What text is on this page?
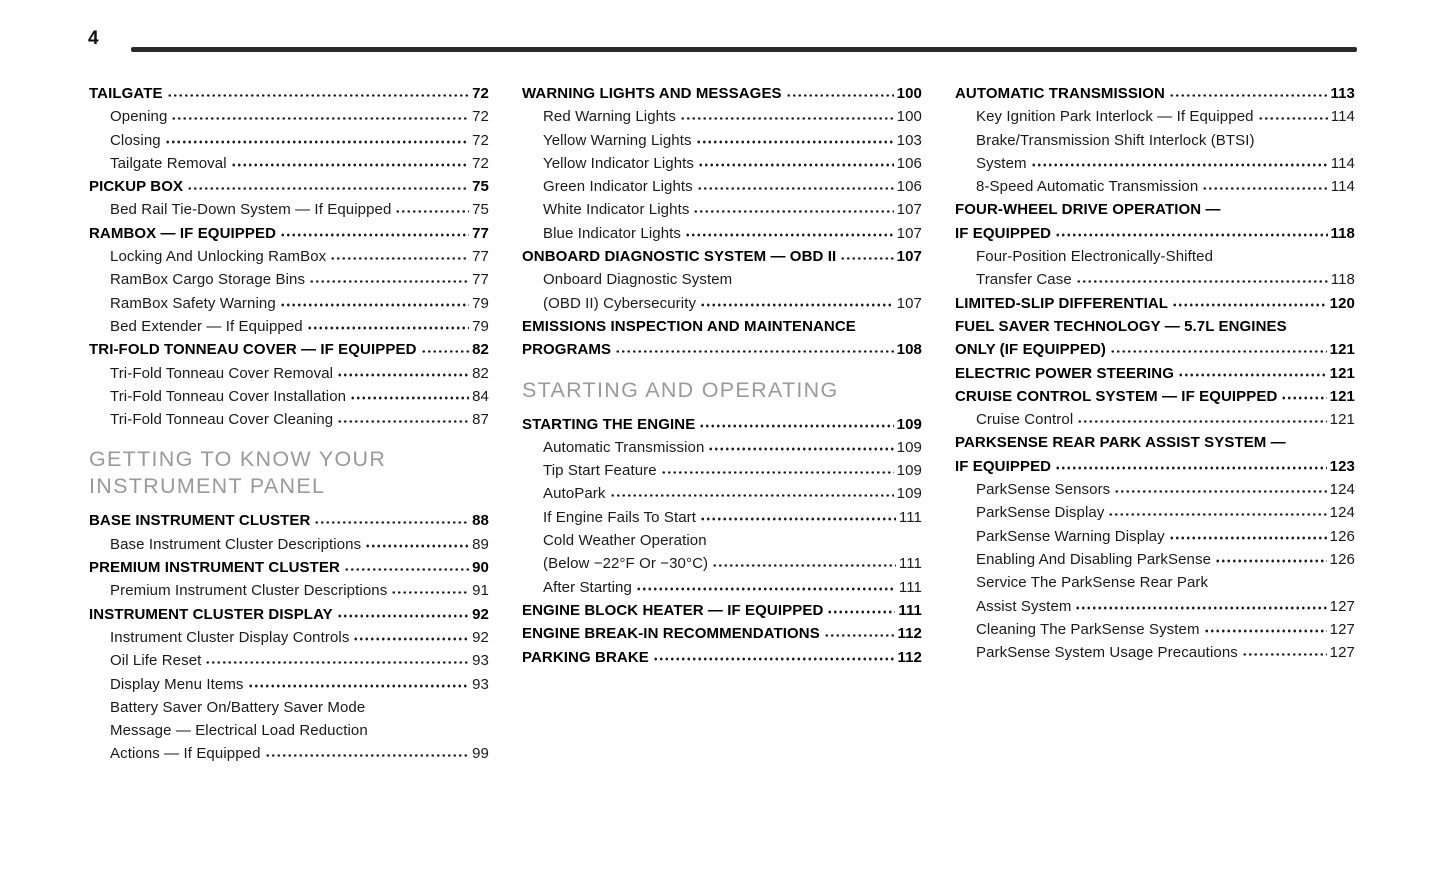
4
TAILGATE	72
Opening	72
Closing	72
Tailgate Removal	72
PICKUP BOX	75
Bed Rail Tie-Down System — If Equipped	75
RAMBOX — IF EQUIPPED	77
Locking And Unlocking RamBox	77
RamBox Cargo Storage Bins	77
RamBox Safety Warning	79
Bed Extender — If Equipped	79
TRI-FOLD TONNEAU COVER — IF EQUIPPED	82
Tri-Fold Tonneau Cover Removal	82
Tri-Fold Tonneau Cover Installation	84
Tri-Fold Tonneau Cover Cleaning	87
GETTING TO KNOW YOUR
INSTRUMENT PANEL
BASE INSTRUMENT CLUSTER	88
Base Instrument Cluster Descriptions	89
PREMIUM INSTRUMENT CLUSTER	90
Premium Instrument Cluster Descriptions	91
INSTRUMENT CLUSTER DISPLAY	92
Instrument Cluster Display Controls	92
Oil Life Reset	93
Display Menu Items	93
Battery Saver On/Battery Saver Mode
Message — Electrical Load Reduction
Actions — If Equipped	99
WARNING LIGHTS AND MESSAGES	100
Red Warning Lights	100
Yellow Warning Lights	103
Yellow Indicator Lights	106
Green Indicator Lights	106
White Indicator Lights	107
Blue Indicator Lights	107
ONBOARD DIAGNOSTIC SYSTEM — OBD II	107
Onboard Diagnostic System
(OBD II) Cybersecurity	107
EMISSIONS INSPECTION AND MAINTENANCE
PROGRAMS	108
STARTING AND OPERATING
STARTING THE ENGINE	109
Automatic Transmission	109
Tip Start Feature	109
AutoPark	109
If Engine Fails To Start	111
Cold Weather Operation
(Below −22°F Or −30°C)	111
After Starting	111
ENGINE BLOCK HEATER — IF EQUIPPED	111
ENGINE BREAK-IN RECOMMENDATIONS	112
PARKING BRAKE	112
AUTOMATIC TRANSMISSION	113
Key Ignition Park Interlock — If Equipped	114
Brake/Transmission Shift Interlock (BTSI)
System	114
8-Speed Automatic Transmission	114
FOUR-WHEEL DRIVE OPERATION —
IF EQUIPPED	118
Four-Position Electronically-Shifted
Transfer Case	118
LIMITED-SLIP DIFFERENTIAL	120
FUEL SAVER TECHNOLOGY — 5.7L ENGINES
ONLY (IF EQUIPPED)	121
ELECTRIC POWER STEERING	121
CRUISE CONTROL SYSTEM — IF EQUIPPED	121
Cruise Control	121
PARKSENSE REAR PARK ASSIST SYSTEM —
IF EQUIPPED	123
ParkSense Sensors	124
ParkSense Display	124
ParkSense Warning Display	126
Enabling And Disabling ParkSense	126
Service The ParkSense Rear Park
Assist System	127
Cleaning The ParkSense System	127
ParkSense System Usage Precautions	127
